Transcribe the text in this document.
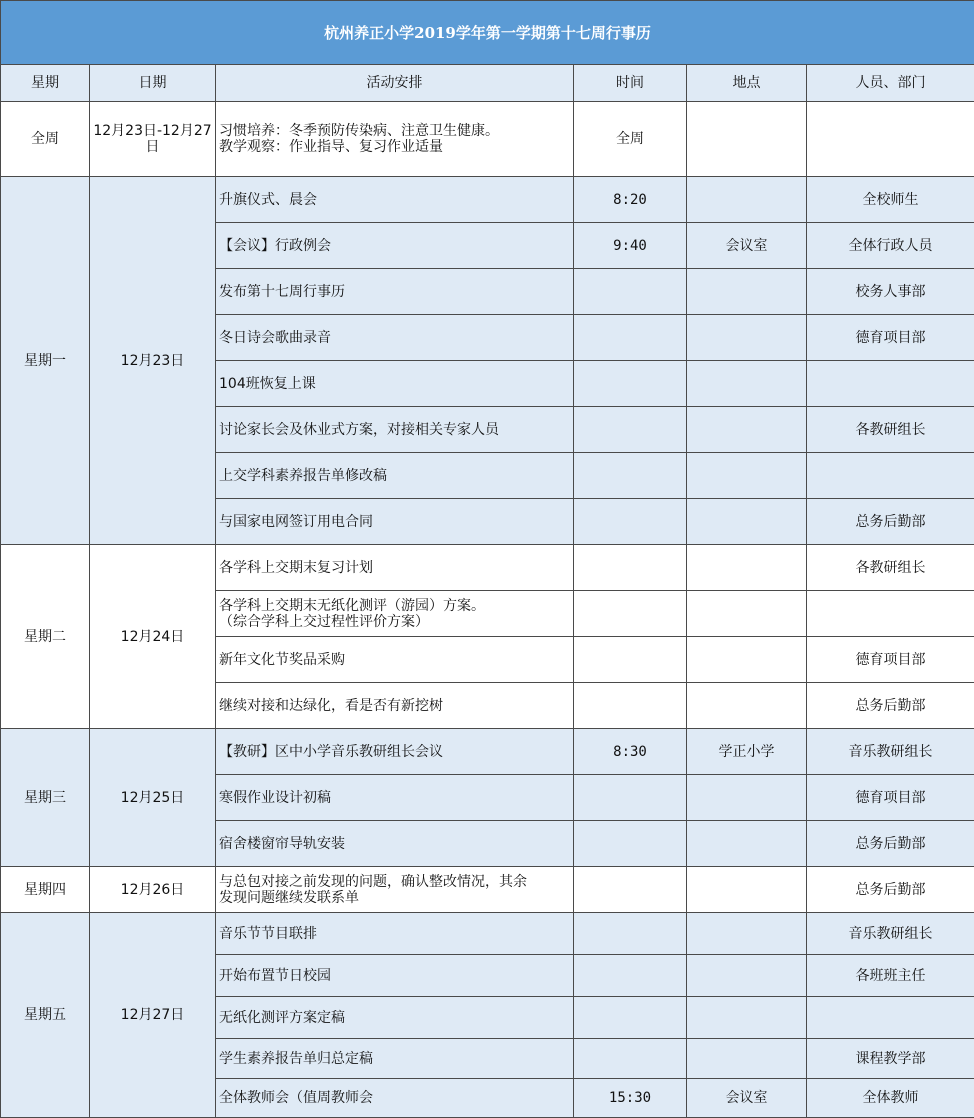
杭州养正小学2019学年第一学期第十七周行事历					
星期	日期	活动安排	时间	地点	人员、部门
全周	12月23日-12月27日	习惯培养：冬季预防传染病、注意卫生健康。
教学观察：作业指导、复习作业适量	全周		
星期一	12月23日	升旗仪式、晨会	8:20		全校师生
		【会议】行政例会	9:40	会议室	全体行政人员
		发布第十七周行事历			校务人事部
		冬日诗会歌曲录音			德育项目部
		104班恢复上课			
		讨论家长会及休业式方案，对接相关专家人员			各教研组长
		上交学科素养报告单修改稿			
		与国家电网签订用电合同			总务后勤部
星期二	12月24日	各学科上交期末复习计划			各教研组长
		各学科上交期末无纸化测评（游园）方案。
（综合学科上交过程性评价方案）			
		新年文化节奖品采购			德育项目部
		继续对接和达绿化，看是否有新挖树			总务后勤部
星期三	12月25日	【教研】区中小学音乐教研组长会议	8:30	学正小学	音乐教研组长
		寒假作业设计初稿			德育项目部
		宿舍楼窗帘导轨安装			总务后勤部
星期四	12月26日	与总包对接之前发现的问题，确认整改情况，其余
发现问题继续发联系单			总务后勤部
星期五	12月27日	音乐节节目联排			音乐教研组长
		开始布置节日校园			各班班主任
		无纸化测评方案定稿			
		学生素养报告单归总定稿			课程教学部
		全体教师会（值周教师会	15:30	会议室	全体教师
